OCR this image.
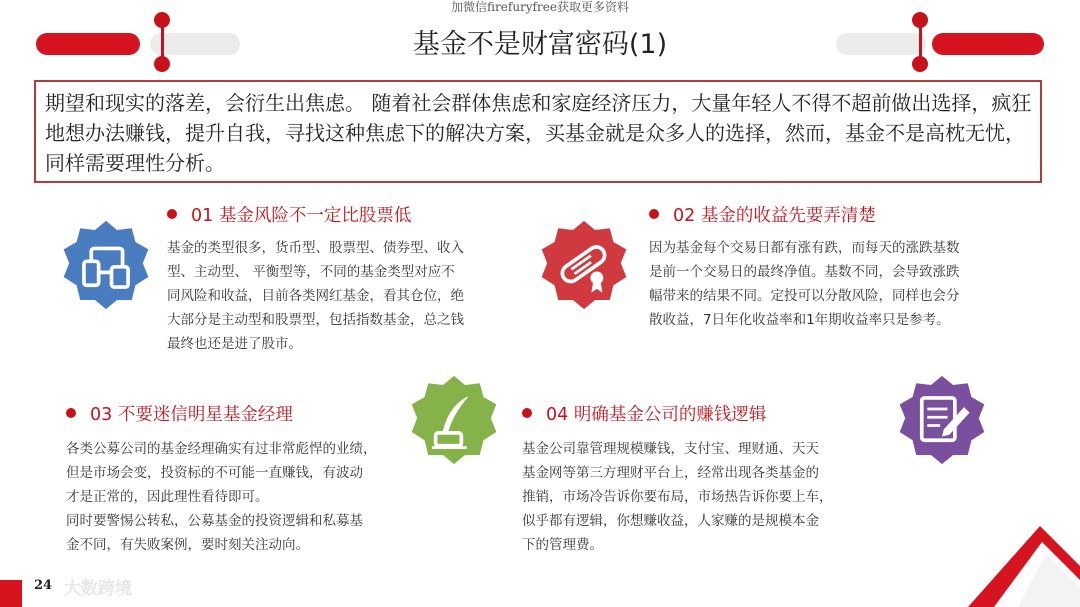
加微信firefuryfree获取更多资料
基金不是财富密码(1)
期望和现实的落差，会衍生出焦虑。 随着社会群体焦虑和家庭经济压力，大量年轻人不得不超前做出选择，疯狂地想办法赚钱，提升自我，寻找这种焦虑下的解决方案，买基金就是众多人的选择，然而，基金不是高枕无忧，同样需要理性分析。
01 基金风险不一定比股票低
基金的类型很多，货币型、股票型、债券型、收入
型、主动型、 平衡型等，不同的基金类型对应不
同风险和收益，目前各类网红基金，看其仓位，绝
大部分是主动型和股票型，包括指数基金，总之钱
最终也还是进了股市。
02 基金的收益先要弄清楚
因为基金每个交易日都有涨有跌，而每天的涨跌基数
是前一个交易日的最终净值。基数不同，会导致涨跌
幅带来的结果不同。定投可以分散风险，同样也会分
散收益，7日年化收益率和1年期收益率只是参考。
03 不要迷信明星基金经理
各类公募公司的基金经理确实有过非常彪悍的业绩，
但是市场会变，投资标的不可能一直赚钱，有波动
才是正常的，因此理性看待即可。
同时要警惕公转私，公募基金的投资逻辑和私募基
金不同，有失败案例，要时刻关注动向。
04 明确基金公司的赚钱逻辑
基金公司靠管理规模赚钱，支付宝、理财通、天天
基金网等第三方理财平台上，经常出现各类基金的
推销，市场冷告诉你要布局，市场热告诉你要上车，
似乎都有逻辑，你想赚收益，人家赚的是规模本金
下的管理费。
24 大数跨境
